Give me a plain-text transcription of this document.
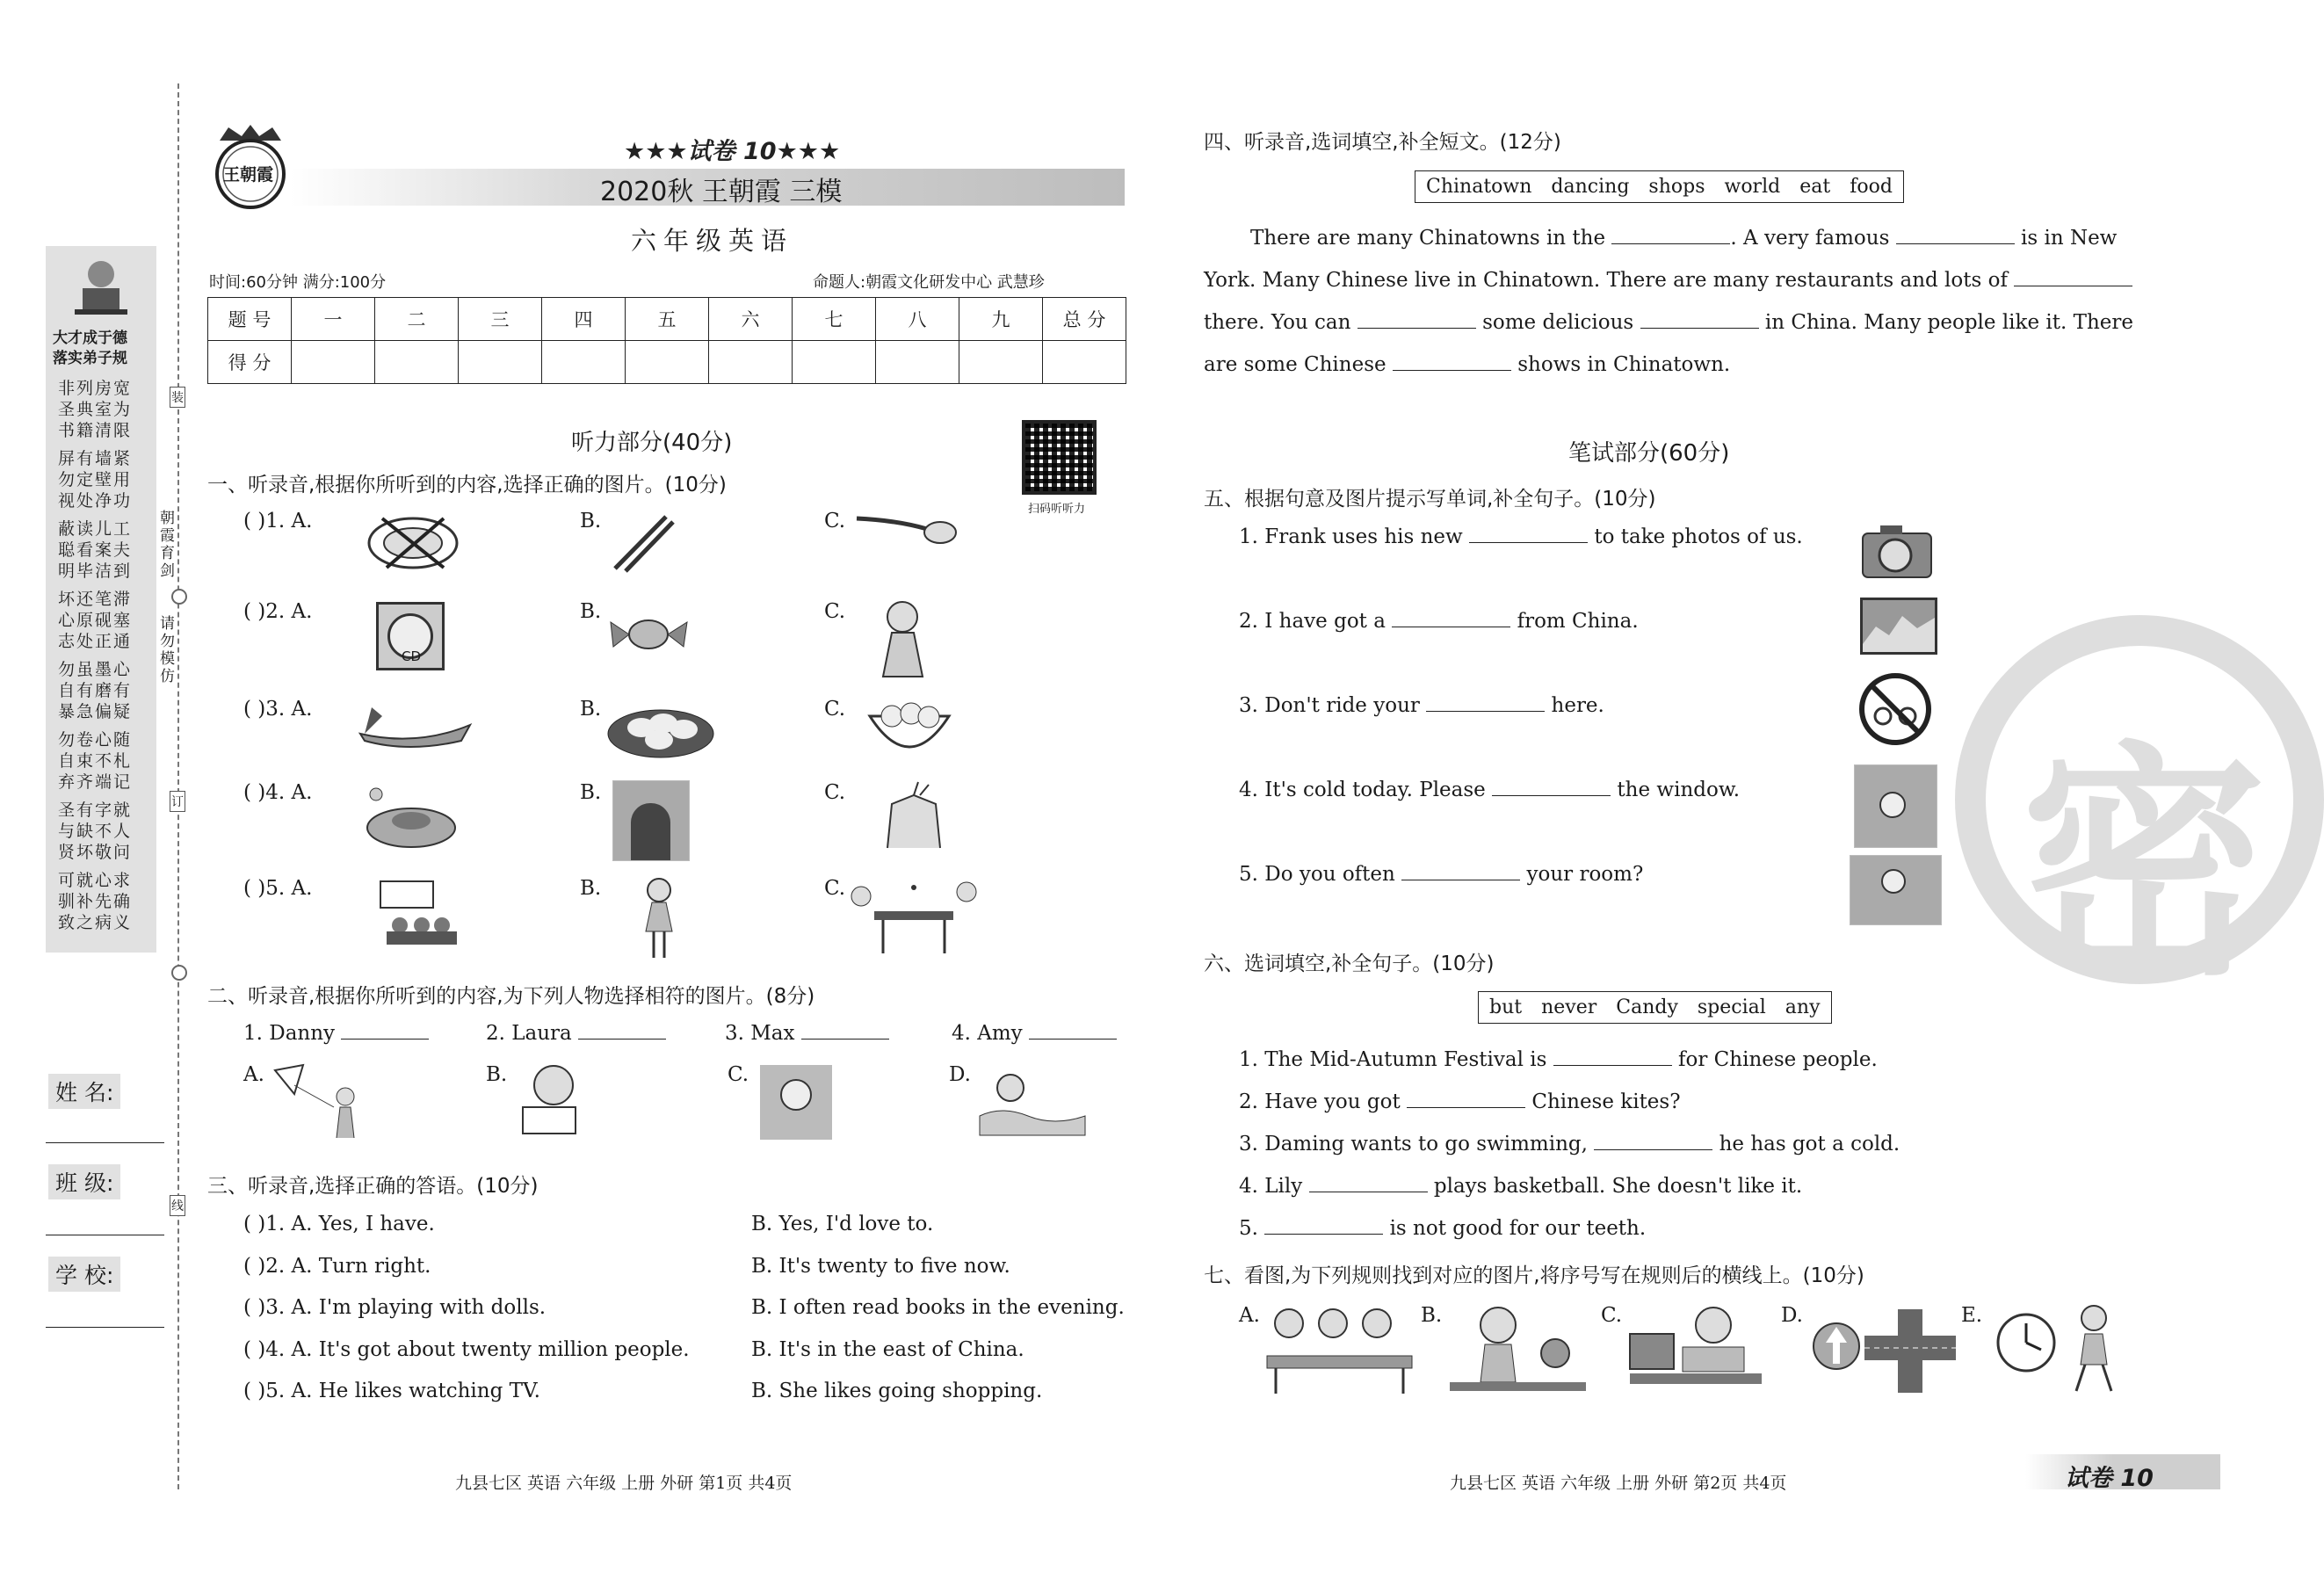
大才成于德
落实弟子规
非列房宽
圣典室为
书籍清限
屏有墙紧
勿定壁用
视处净功
蔽读儿工
聪看案夫
明毕洁到
坏还笔滞
心原砚塞
志处正通
勿虽墨心
自有磨有
暴急偏疑
勿卷心随
自束不札
弃齐端记
圣有字就
与缺不人
贤坏敬问
可就心求
驯补先确
致之病义
朝霞育剑
请勿模仿
装
订
线
姓 名:
班 级:
学 校:
王朝霞
★★★试卷 10★★★
2020秋 王朝霞 三模
六年级英语
时间:60分钟 满分:100分	命题人:朝霞文化研发中心 武慧珍
题 号	一	二	三	四	五	六	七	八	九	总 分
得 分										
听力部分(40分)
扫码听听力
一、听录音,根据你所听到的内容,选择正确的图片。(10分)
( )1. A.	B.	C.
( )2. A.	B.	C.
CD
( )3. A.	B.	C.
( )4. A.	B.	C.
( )5. A.	B.	C.
二、听录音,根据你所听到的内容,为下列人物选择相符的图片。(8分)
1. Danny	2. Laura	3. Max	4. Amy
A.	B.	C.	D.
三、听录音,选择正确的答语。(10分)
( )1. A. Yes, I have.	B. Yes, I'd love to.
( )2. A. Turn right.	B. It's twenty to five now.
( )3. A. I'm playing with dolls.	B. I often read books in the evening.
( )4. A. It's got about twenty million people.	B. It's in the east of China.
( )5. A. He likes watching TV.	B. She likes going shopping.
九县七区 英语 六年级 上册 外研 第1页 共4页
四、听录音,选词填空,补全短文。(12分)
Chinatown dancing shops world eat food
There are many Chinatowns in the	. A very famous	is in New
York. Many Chinese live in Chinatown. There are many restaurants and lots of
there. You can	some delicious	in China. Many people like it. There
are some Chinese	shows in Chinatown.
笔试部分(60分)
五、根据句意及图片提示写单词,补全句子。(10分)
1. Frank uses his new	to take photos of us.
2. I have got a	from China.
3. Don't ride your	here.
4. It's cold today. Please	the window.
5. Do you often	your room? 密
六、选词填空,补全句子。(10分)
but never Candy special any
1. The Mid-Autumn Festival is	for Chinese people.
2. Have you got	Chinese kites?
3. Daming wants to go swimming,	he has got a cold.
4. Lily	plays basketball. She doesn't like it.
5.	is not good for our teeth.
七、看图,为下列规则找到对应的图片,将序号写在规则后的横线上。(10分)
A.	B.	C.	D.	E.
九县七区 英语 六年级 上册 外研 第2页 共4页	试卷 10
